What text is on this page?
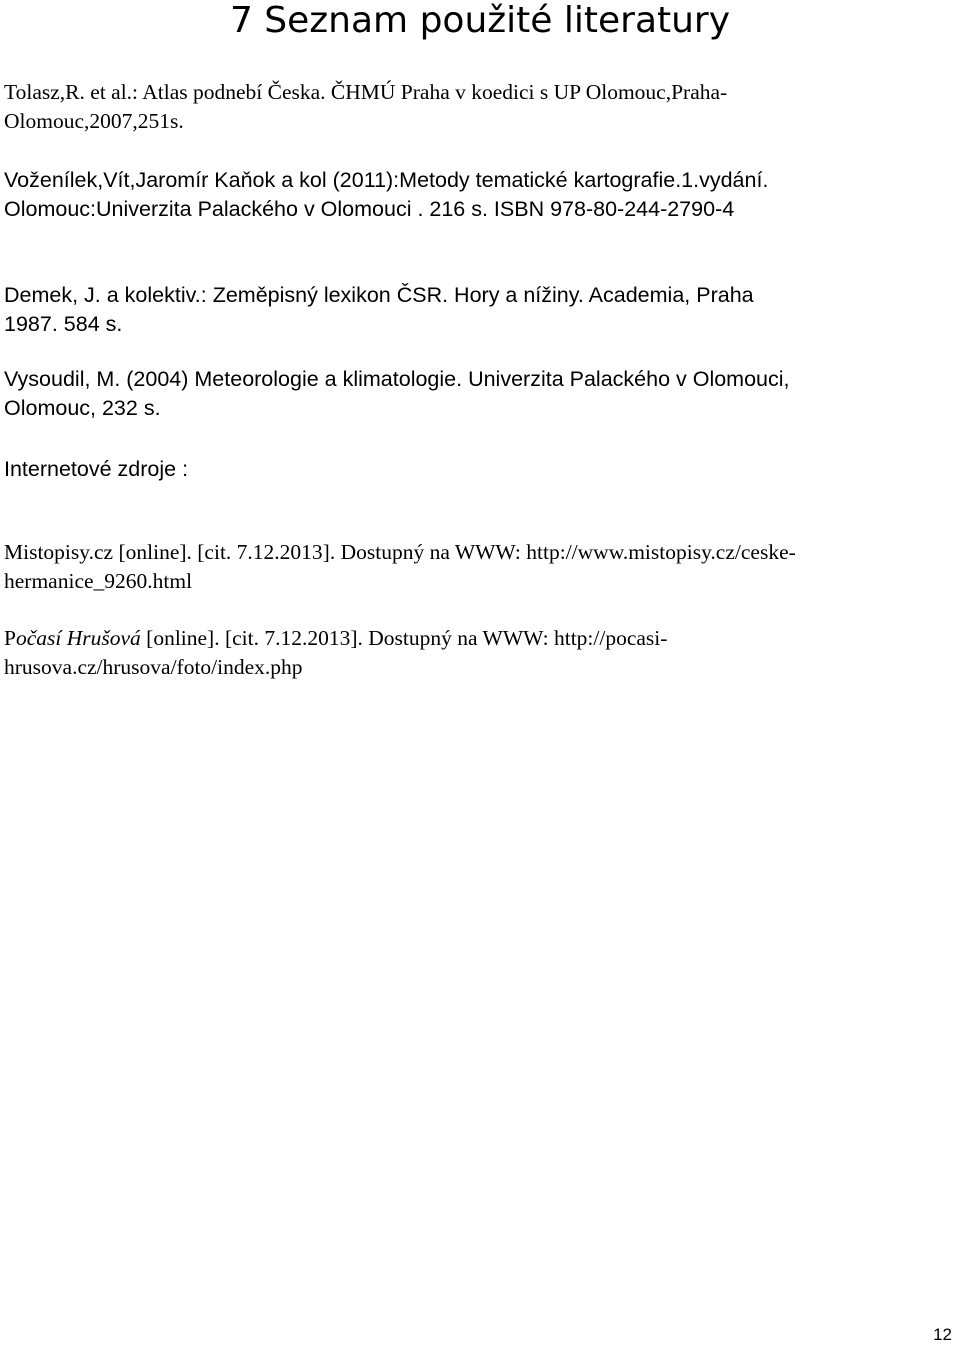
7 Seznam použité literatury

Tolasz,R. et al.: Atlas podnebí Česka. ČHMÚ Praha v koedici s UP Olomouc,Praha-
Olomouc,2007,251s.

Voženílek,Vít,Jaromír Kaňok a kol (2011):Metody tematické kartografie.1.vydání.
Olomouc:Univerzita Palackého v Olomouci . 216 s. ISBN 978-80-244-2790-4

Demek, J. a kolektiv.: Zeměpisný lexikon ČSR. Hory a nížiny. Academia, Praha
1987. 584 s.

Vysoudil, M. (2004) Meteorologie a klimatologie. Univerzita Palackého v Olomouci,
Olomouc, 232 s.

Internetové zdroje :

Mistopisy.cz [online]. [cit. 7.12.2013]. Dostupný na WWW: http://www.mistopisy.cz/ceske-
hermanice_9260.html

Počasí Hrušová [online]. [cit. 7.12.2013]. Dostupný na WWW: http://pocasi-
hrusova.cz/hrusova/foto/index.php

12
